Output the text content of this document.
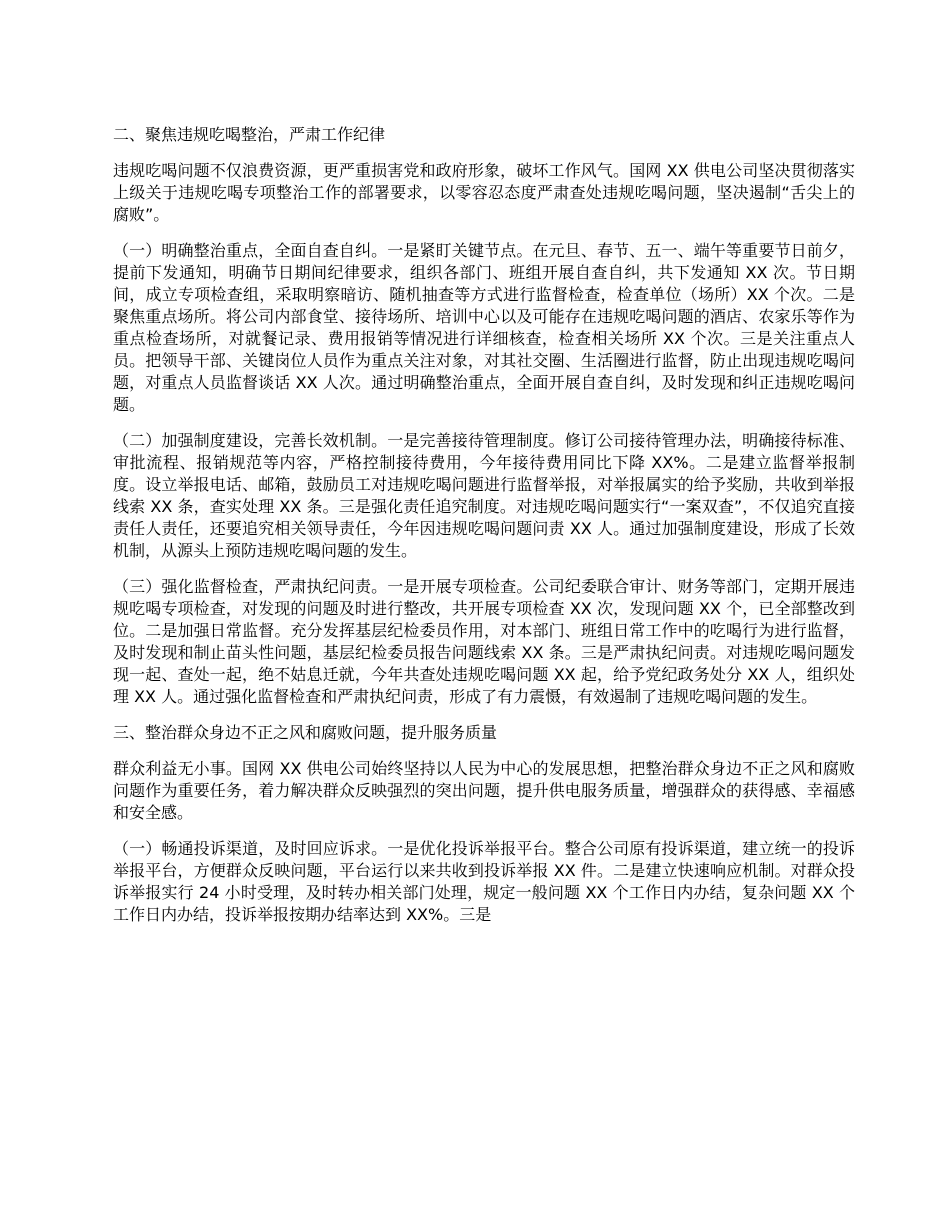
二、聚焦违规吃喝整治，严肃工作纪律

违规吃喝问题不仅浪费资源，更严重损害党和政府形象，破坏工作风气。国网 XX 供电公司坚决贯彻落实上级关于违规吃喝专项整治工作的部署要求，以零容忍态度严肃查处违规吃喝问题，坚决遏制“舌尖上的腐败”。

（一）明确整治重点，全面自查自纠。一是紧盯关键节点。在元旦、春节、五一、端午等重要节日前夕，提前下发通知，明确节日期间纪律要求，组织各部门、班组开展自查自纠，共下发通知 XX 次。节日期间，成立专项检查组，采取明察暗访、随机抽查等方式进行监督检查，检查单位（场所）XX 个次。二是聚焦重点场所。将公司内部食堂、接待场所、培训中心以及可能存在违规吃喝问题的酒店、农家乐等作为重点检查场所，对就餐记录、费用报销等情况进行详细核查，检查相关场所 XX 个次。三是关注重点人员。把领导干部、关键岗位人员作为重点关注对象，对其社交圈、生活圈进行监督，防止出现违规吃喝问题，对重点人员监督谈话 XX 人次。通过明确整治重点，全面开展自查自纠，及时发现和纠正违规吃喝问题。

（二）加强制度建设，完善长效机制。一是完善接待管理制度。修订公司接待管理办法，明确接待标准、审批流程、报销规范等内容，严格控制接待费用，今年接待费用同比下降 XX%。二是建立监督举报制度。设立举报电话、邮箱，鼓励员工对违规吃喝问题进行监督举报，对举报属实的给予奖励，共收到举报线索 XX 条，查实处理 XX 条。三是强化责任追究制度。对违规吃喝问题实行“一案双查”，不仅追究直接责任人责任，还要追究相关领导责任，今年因违规吃喝问题问责 XX 人。通过加强制度建设，形成了长效机制，从源头上预防违规吃喝问题的发生。

（三）强化监督检查，严肃执纪问责。一是开展专项检查。公司纪委联合审计、财务等部门，定期开展违规吃喝专项检查，对发现的问题及时进行整改，共开展专项检查 XX 次，发现问题 XX 个，已全部整改到位。二是加强日常监督。充分发挥基层纪检委员作用，对本部门、班组日常工作中的吃喝行为进行监督，及时发现和制止苗头性问题，基层纪检委员报告问题线索 XX 条。三是严肃执纪问责。对违规吃喝问题发现一起、查处一起，绝不姑息迁就，今年共查处违规吃喝问题 XX 起，给予党纪政务处分 XX 人，组织处理 XX 人。通过强化监督检查和严肃执纪问责，形成了有力震慑，有效遏制了违规吃喝问题的发生。

三、整治群众身边不正之风和腐败问题，提升服务质量

群众利益无小事。国网 XX 供电公司始终坚持以人民为中心的发展思想，把整治群众身边不正之风和腐败问题作为重要任务，着力解决群众反映强烈的突出问题，提升供电服务质量，增强群众的获得感、幸福感和安全感。

（一）畅通投诉渠道，及时回应诉求。一是优化投诉举报平台。整合公司原有投诉渠道，建立统一的投诉举报平台，方便群众反映问题，平台运行以来共收到投诉举报 XX 件。二是建立快速响应机制。对群众投诉举报实行 24 小时受理，及时转办相关部门处理，规定一般问题 XX 个工作日内办结，复杂问题 XX 个工作日内办结，投诉举报按期办结率达到 XX%。三是
